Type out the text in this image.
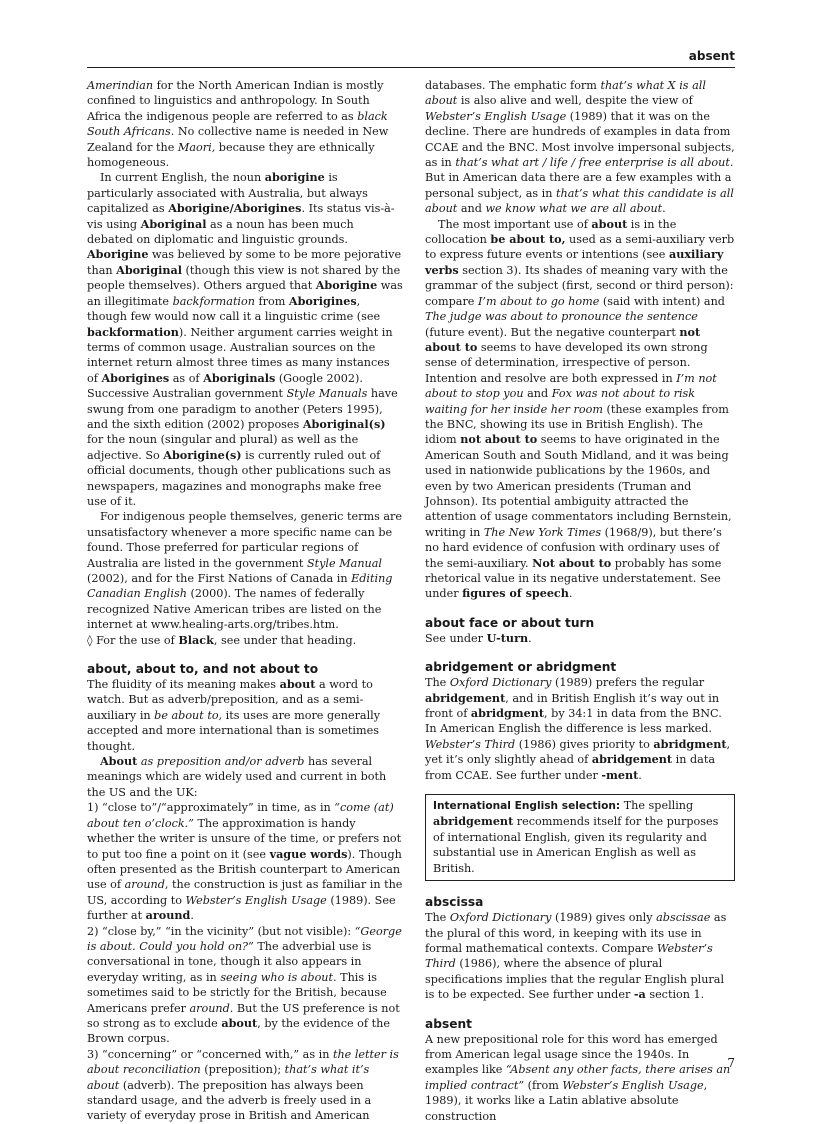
absent

Amerindian for the North American Indian is mostly confined to linguistics and anthropology. In South Africa the indigenous people are referred to as black South Africans. No collective name is needed in New Zealand for the Maori, because they are ethnically homogeneous.

In current English, the noun aborigine is particularly associated with Australia, but always capitalized as Aborigine/Aborigines. Its status vis-à-vis using Aboriginal as a noun has been much debated on diplomatic and linguistic grounds. Aborigine was believed by some to be more pejorative than Aboriginal (though this view is not shared by the people themselves). Others argued that Aborigine was an illegitimate backformation from Aborigines, though few would now call it a linguistic crime (see backformation). Neither argument carries weight in terms of common usage. Australian sources on the internet return almost three times as many instances of Aborigines as of Aboriginals (Google 2002). Successive Australian government Style Manuals have swung from one paradigm to another (Peters 1995), and the sixth edition (2002) proposes Aboriginal(s) for the noun (singular and plural) as well as the adjective. So Aborigine(s) is currently ruled out of official documents, though other publications such as newspapers, magazines and monographs make free use of it.

For indigenous people themselves, generic terms are unsatisfactory whenever a more specific name can be found. Those preferred for particular regions of Australia are listed in the government Style Manual (2002), and for the First Nations of Canada in Editing Canadian English (2000). The names of federally recognized Native American tribes are listed on the internet at www.healing-arts.org/tribes.htm.

◊ For the use of Black, see under that heading.

about, about to, and not about to

The fluidity of its meaning makes about a word to watch. But as adverb/preposition, and as a semi-auxiliary in be about to, its uses are more generally accepted and more international than is sometimes thought.

About as preposition and/or adverb has several meanings which are widely used and current in both the US and the UK:

1) “close to”/“approximately” in time, as in “come (at) about ten o’clock.” The approximation is handy whether the writer is unsure of the time, or prefers not to put too fine a point on it (see vague words). Though often presented as the British counterpart to American use of around, the construction is just as familiar in the US, according to Webster’s English Usage (1989). See further at around.

2) “close by,” “in the vicinity” (but not visible): “George is about. Could you hold on?” The adverbial use is conversational in tone, though it also appears in everyday writing, as in seeing who is about. This is sometimes said to be strictly for the British, because Americans prefer around. But the US preference is not so strong as to exclude about, by the evidence of the Brown corpus.

3) “concerning” or “concerned with,” as in the letter is about reconciliation (preposition); that’s what it’s about (adverb). The preposition has always been standard usage, and the adverb is freely used in a variety of everyday prose in British and American

databases. The emphatic form that’s what X is all about is also alive and well, despite the view of Webster’s English Usage (1989) that it was on the decline. There are hundreds of examples in data from CCAE and the BNC. Most involve impersonal subjects, as in that’s what art / life / free enterprise is all about. But in American data there are a few examples with a personal subject, as in that’s what this candidate is all about and we know what we are all about.

The most important use of about is in the collocation be about to, used as a semi-auxiliary verb to express future events or intentions (see auxiliary verbs section 3). Its shades of meaning vary with the grammar of the subject (first, second or third person): compare I’m about to go home (said with intent) and The judge was about to pronounce the sentence (future event). But the negative counterpart not about to seems to have developed its own strong sense of determination, irrespective of person. Intention and resolve are both expressed in I’m not about to stop you and Fox was not about to risk waiting for her inside her room (these examples from the BNC, showing its use in British English). The idiom not about to seems to have originated in the American South and South Midland, and it was being used in nationwide publications by the 1960s, and even by two American presidents (Truman and Johnson). Its potential ambiguity attracted the attention of usage commentators including Bernstein, writing in The New York Times (1968/9), but there’s no hard evidence of confusion with ordinary uses of the semi-auxiliary. Not about to probably has some rhetorical value in its negative understatement. See under figures of speech.

about face or about turn

See under U-turn.

abridgement or abridgment

The Oxford Dictionary (1989) prefers the regular abridgement, and in British English it’s way out in front of abridgment, by 34:1 in data from the BNC. In American English the difference is less marked. Webster’s Third (1986) gives priority to abridgment, yet it’s only slightly ahead of abridgement in data from CCAE. See further under -ment.

International English selection: The spelling abridgement recommends itself for the purposes of international English, given its regularity and substantial use in American English as well as British.
abscissa

The Oxford Dictionary (1989) gives only abscissae as the plural of this word, in keeping with its use in formal mathematical contexts. Compare Webster’s Third (1986), where the absence of plural specifications implies that the regular English plural is to be expected. See further under -a section 1.

absent

A new prepositional role for this word has emerged from American legal usage since the 1940s. In examples like “Absent any other facts, there arises an implied contract” (from Webster’s English Usage, 1989), it works like a Latin ablative absolute construction

7
